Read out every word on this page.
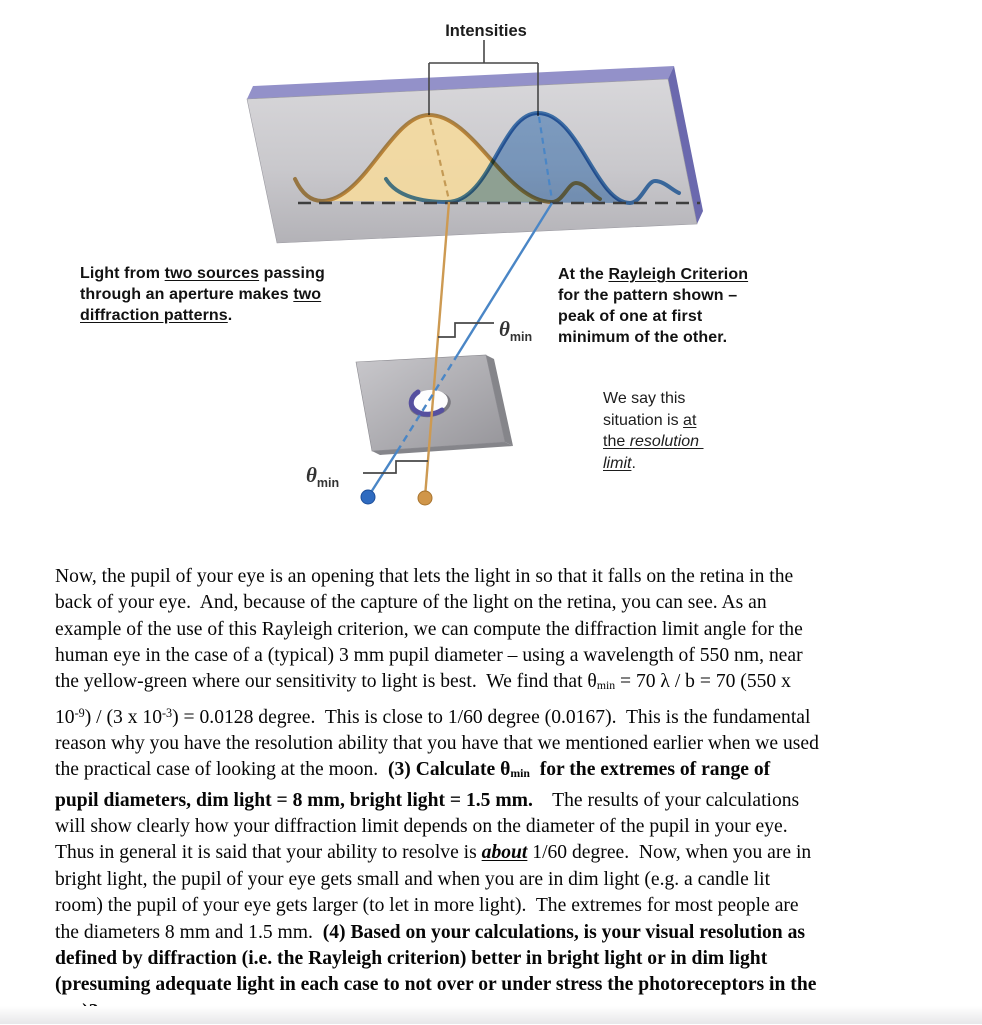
Intensities
$\theta_{min}$
$\theta_{min}$
Light from two sources passing
through an aperture makes two
diffraction patterns.
At the Rayleigh Criterion
for the pattern shown –
peak of one at first
minimum of the other.
We say this
situation is at
the resolution
limit.
Now, the pupil of your eye is an opening that lets the light in so that it falls on the retina in the
back of your eye.  And, because of the capture of the light on the retina, you can see. As an
example of the use of this Rayleigh criterion, we can compute the diffraction limit angle for the
human eye in the case of a (typical) 3 mm pupil diameter – using a wavelength of 550 nm, near
the yellow-green where our sensitivity to light is best.  We find that θmin = 70 λ / b = 70 (550 x
$10^{-9}) / (3$ x $10^{-3}) = 0.0128$ degree.  This is close to 1/60 degree (0.0167).  This is the fundamental
reason why you have the resolution ability that you have that we mentioned earlier when we used
the practical case of looking at the moon.  (3) Calculate θmin  for the extremes of range of
pupil diameters, dim light = 8 mm, bright light = 1.5 mm.    The results of your calculations
will show clearly how your diffraction limit depends on the diameter of the pupil in your eye.
Thus in general it is said that your ability to resolve is about 1/60 degree.  Now, when you are in
bright light, the pupil of your eye gets small and when you are in dim light (e.g. a candle lit
room) the pupil of your eye gets larger (to let in more light).  The extremes for most people are
the diameters 8 mm and 1.5 mm.  (4) Based on your calculations, is your visual resolution as
defined by diffraction (i.e. the Rayleigh criterion) better in bright light or in dim light
(presuming adequate light in each case to not over or under stress the photoreceptors in the
